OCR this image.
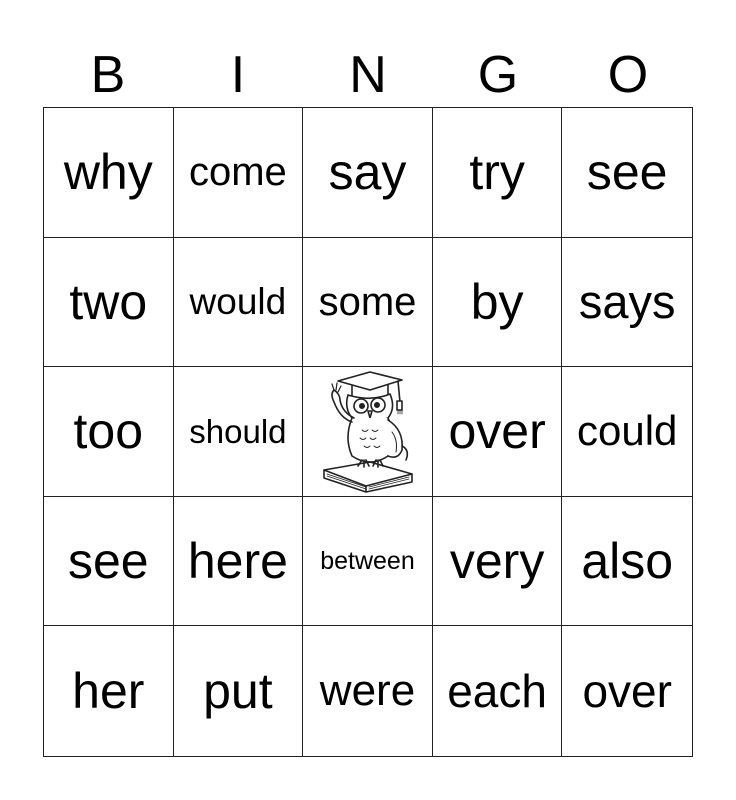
B	I	N	G	O
why come say try see
two would some by says
too should	over could
see here between very also
her put were each over
